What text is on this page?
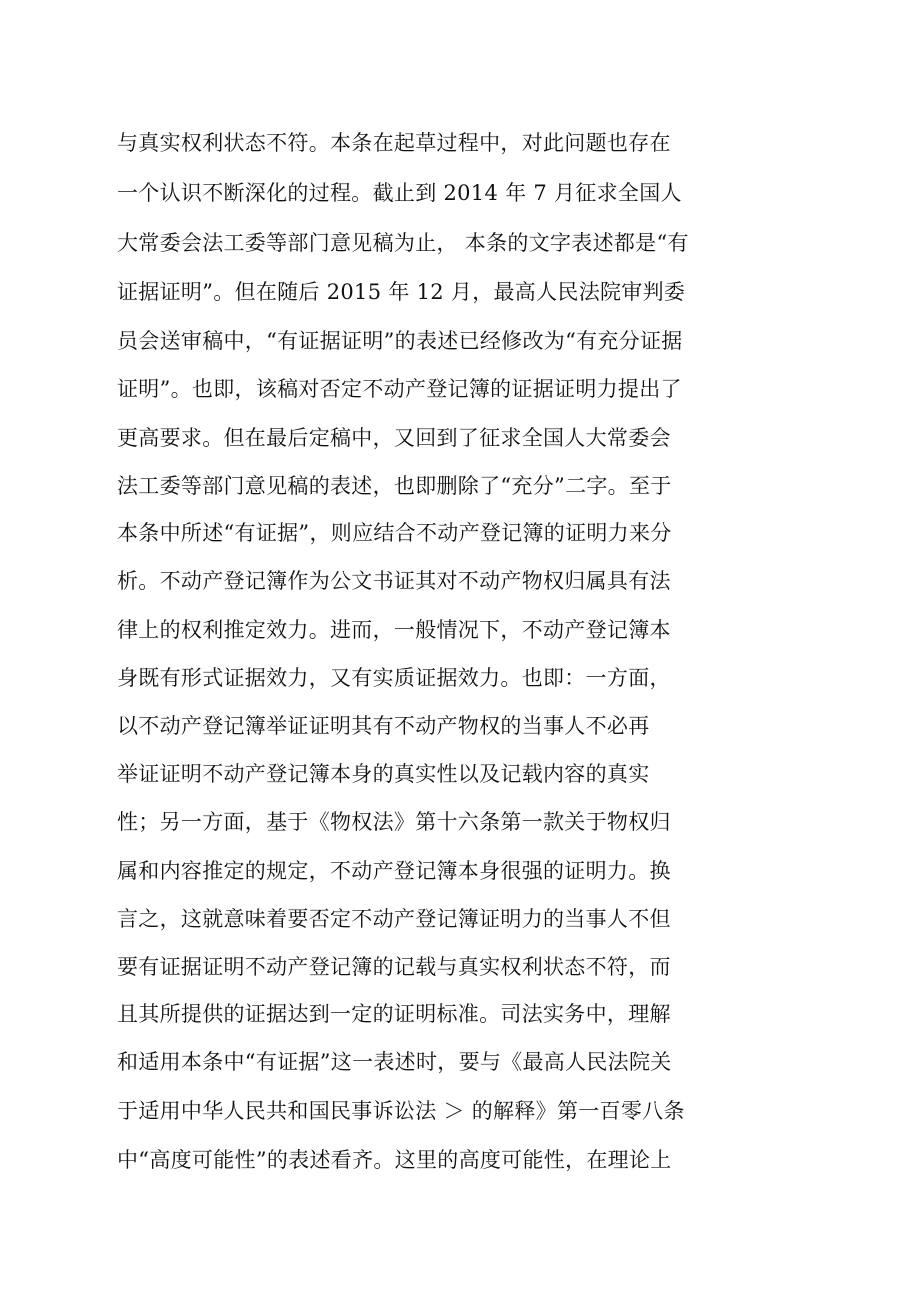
与真实权利状态不符。本条在起草过程中，对此问题也存在

一个认识不断深化的过程。截止到 2014 年 7 月征求全国人

大常委会法工委等部门意见稿为止， 本条的文字表述都是“有

证据证明”。但在随后 2015 年 12 月，最高人民法院审判委

员会送审稿中，“有证据证明”的表述已经修改为“有充分证据

证明”。也即，该稿对否定不动产登记簿的证据证明力提出了

更高要求。但在最后定稿中，又回到了征求全国人大常委会

法工委等部门意见稿的表述，也即删除了“充分”二字。至于

本条中所述“有证据”，则应结合不动产登记簿的证明力来分

析。不动产登记簿作为公文书证其对不动产物权归属具有法

律上的权利推定效力。进而，一般情况下，不动产登记簿本

身既有形式证据效力，又有实质证据效力。也即：一方面，

以不动产登记簿举证证明其有不动产物权的当事人不必再

举证证明不动产登记簿本身的真实性以及记载内容的真实

性；另一方面，基于《物权法》第十六条第一款关于物权归

属和内容推定的规定，不动产登记簿本身很强的证明力。换

言之，这就意味着要否定不动产登记簿证明力的当事人不但

要有证据证明不动产登记簿的记载与真实权利状态不符，而

且其所提供的证据达到一定的证明标准。司法实务中，理解

和适用本条中“有证据”这一表述时，要与《最高人民法院关

于适用中华人民共和国民事诉讼法 ＞ 的解释》第一百零八条

中“高度可能性”的表述看齐。这里的高度可能性，在理论上
